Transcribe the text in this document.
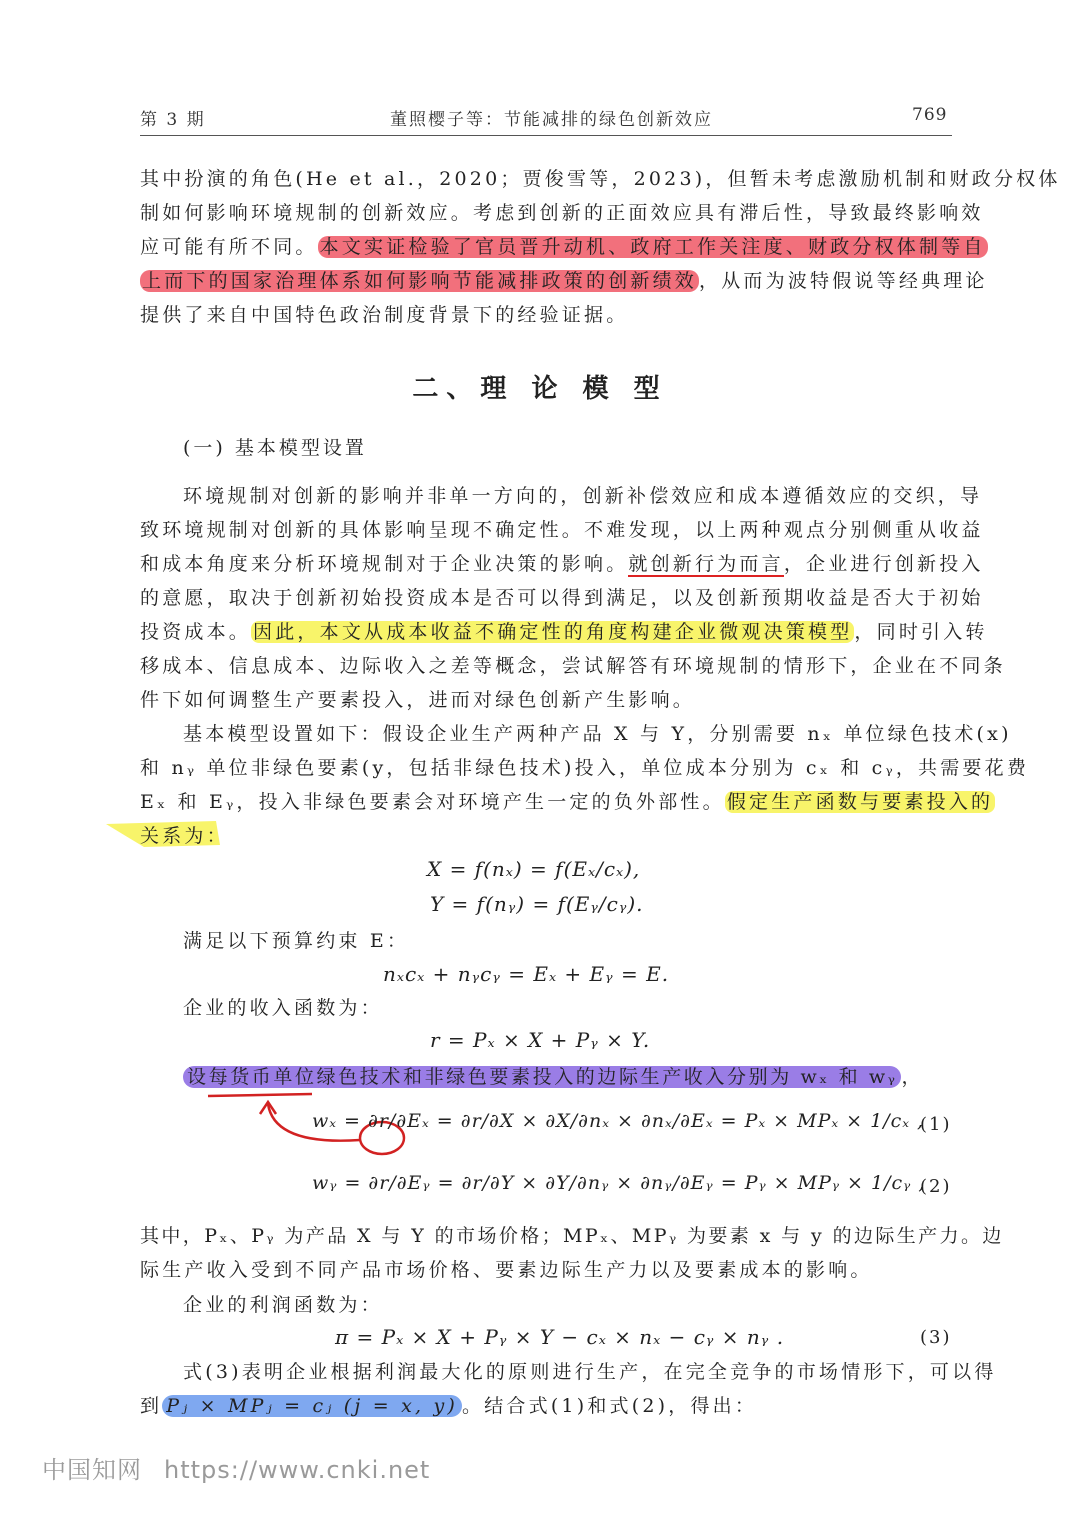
第 3 期	董照樱子等：节能减排的绿色创新效应	769
其中扮演的角色(He et al.，2020；贾俊雪等，2023)，但暂未考虑激励机制和财政分权体
制如何影响环境规制的创新效应。考虑到创新的正面效应具有滞后性，导致最终影响效
应可能有所不同。 本文实证检验了官员晋升动机、政府工作关注度、财政分权体制等自
上而下的国家治理体系如何影响节能减排政策的创新绩效 ，从而为波特假说等经典理论
提供了来自中国特色政治制度背景下的经验证据。
二、理 论 模 型
(一) 基本模型设置
环境规制对创新的影响并非单一方向的，创新补偿效应和成本遵循效应的交织，导
致环境规制对创新的具体影响呈现不确定性。不难发现，以上两种观点分别侧重从收益
和成本角度来分析环境规制对于企业决策的影响。就创新行为而言，企业进行创新投入
的意愿，取决于创新初始投资成本是否可以得到满足，以及创新预期收益是否大于初始
投资成本。 因此，本文从成本收益不确定性的角度构建企业微观决策模型 ，同时引入转
移成本、信息成本、边际收入之差等概念，尝试解答有环境规制的情形下，企业在不同条
件下如何调整生产要素投入，进而对绿色创新产生影响。
基本模型设置如下：假设企业生产两种产品 X 与 Y，分别需要 nₓ 单位绿色技术(x)
和 nᵧ 单位非绿色要素(y，包括非绿色技术)投入，单位成本分别为 cₓ 和 cᵧ，共需要花费
Eₓ 和 Eᵧ，投入非绿色要素会对环境产生一定的负外部性。 假定生产函数与要素投入的
关系为：
X = f(nₓ) = f(Eₓ/cₓ),
Y = f(nᵧ) = f(Eᵧ/cᵧ).
满足以下预算约束 E：
nₓcₓ + nᵧcᵧ = Eₓ + Eᵧ = E.
企业的收入函数为：
r = Pₓ × X + Pᵧ × Y.
设每货币单位绿色技术和非绿色要素投入的边际生产收入分别为 wₓ 和 wᵧ ，
wₓ = ∂r/∂Eₓ = ∂r/∂X × ∂X/∂nₓ × ∂nₓ/∂Eₓ = Pₓ × MPₓ × 1/cₓ ,
(1)
wᵧ = ∂r/∂Eᵧ = ∂r/∂Y × ∂Y/∂nᵧ × ∂nᵧ/∂Eᵧ = Pᵧ × MPᵧ × 1/cᵧ ,
(2)
其中，Pₓ、Pᵧ 为产品 X 与 Y 的市场价格；MPₓ、MPᵧ 为要素 x 与 y 的边际生产力。边
际生产收入受到不同产品市场价格、要素边际生产力以及要素成本的影响。
企业的利润函数为：
π = Pₓ × X + Pᵧ × Y − cₓ × nₓ − cᵧ × nᵧ .	(3)
式(3)表明企业根据利润最大化的原则进行生产，在完全竞争的市场情形下，可以得
到 Pⱼ × MPⱼ = cⱼ (j = x, y) 。结合式(1)和式(2)，得出：
中国知网 https://www.cnki.net
